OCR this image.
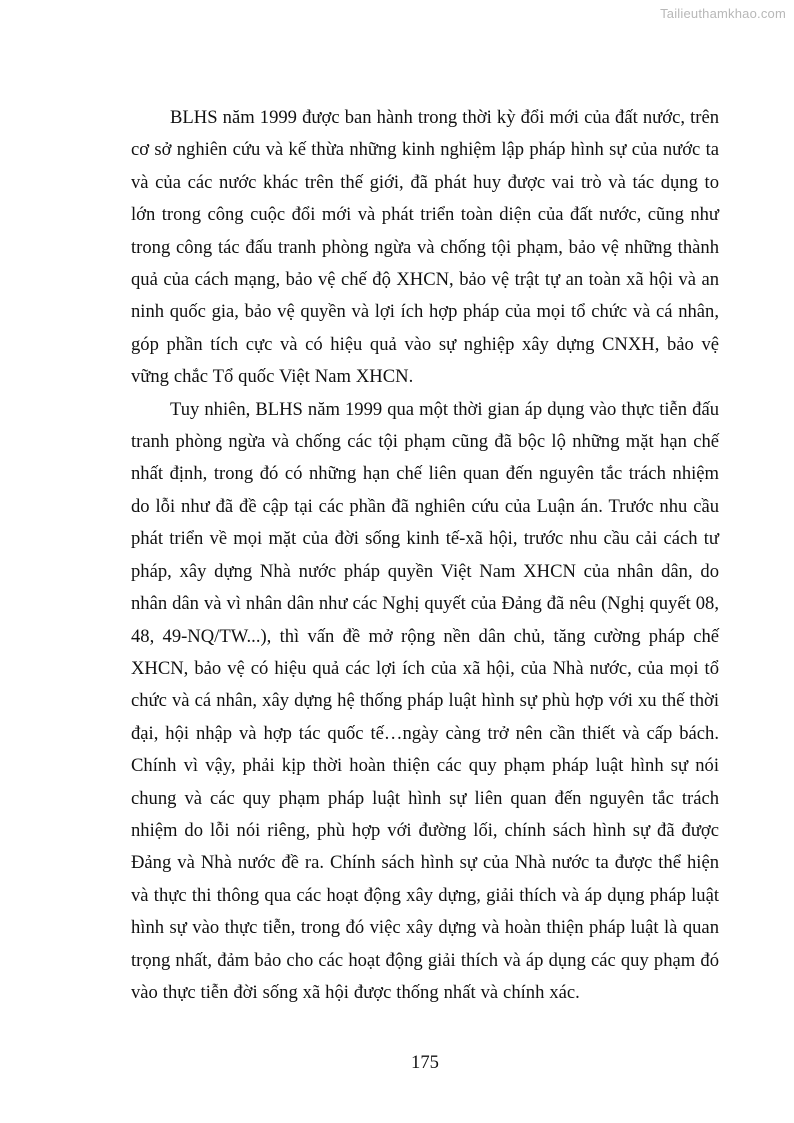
Tailieuthamkhao.com

BLHS năm 1999 được ban hành trong thời kỳ đổi mới của đất nước, trên cơ sở nghiên cứu và kế thừa những kinh nghiệm lập pháp hình sự của nước ta và của các nước khác trên thế giới, đã phát huy được vai trò và tác dụng to lớn trong công cuộc đổi mới và phát triển toàn diện của đất nước, cũng như trong công tác đấu tranh phòng ngừa và chống tội phạm, bảo vệ những thành quả của cách mạng, bảo vệ chế độ XHCN, bảo vệ trật tự an toàn xã hội và an ninh quốc gia, bảo vệ quyền và lợi ích hợp pháp của mọi tổ chức và cá nhân, góp phần tích cực và có hiệu quả vào sự nghiệp xây dựng CNXH, bảo vệ vững chắc Tổ quốc Việt Nam XHCN.

Tuy nhiên, BLHS năm 1999 qua một thời gian áp dụng vào thực tiễn đấu tranh phòng ngừa và chống các tội phạm cũng đã bộc lộ những mặt hạn chế nhất định, trong đó có những hạn chế liên quan đến nguyên tắc trách nhiệm do lỗi như đã đề cập tại các phần đã nghiên cứu của Luận án. Trước nhu cầu phát triển về mọi mặt của đời sống kinh tế-xã hội, trước nhu cầu cải cách tư pháp, xây dựng Nhà nước pháp quyền Việt Nam XHCN của nhân dân, do nhân dân và vì nhân dân như các Nghị quyết của Đảng đã nêu (Nghị quyết 08, 48, 49-NQ/TW...), thì vấn đề mở rộng nền dân chủ, tăng cường pháp chế XHCN, bảo vệ có hiệu quả các lợi ích của xã hội, của Nhà nước, của mọi tổ chức và cá nhân, xây dựng hệ thống pháp luật hình sự phù hợp với xu thế thời đại, hội nhập và hợp tác quốc tế…ngày càng trở nên cần thiết và cấp bách. Chính vì vậy, phải kịp thời hoàn thiện các quy phạm pháp luật hình sự nói chung và các quy phạm pháp luật hình sự liên quan đến nguyên tắc trách nhiệm do lỗi nói riêng, phù hợp với đường lối, chính sách hình sự đã được Đảng và Nhà nước đề ra. Chính sách hình sự của Nhà nước ta được thể hiện và thực thi thông qua các hoạt động xây dựng, giải thích và áp dụng pháp luật hình sự vào thực tiễn, trong đó việc xây dựng và hoàn thiện pháp luật là quan trọng nhất, đảm bảo cho các hoạt động giải thích và áp dụng các quy phạm đó vào thực tiễn đời sống xã hội được thống nhất và chính xác.

175
